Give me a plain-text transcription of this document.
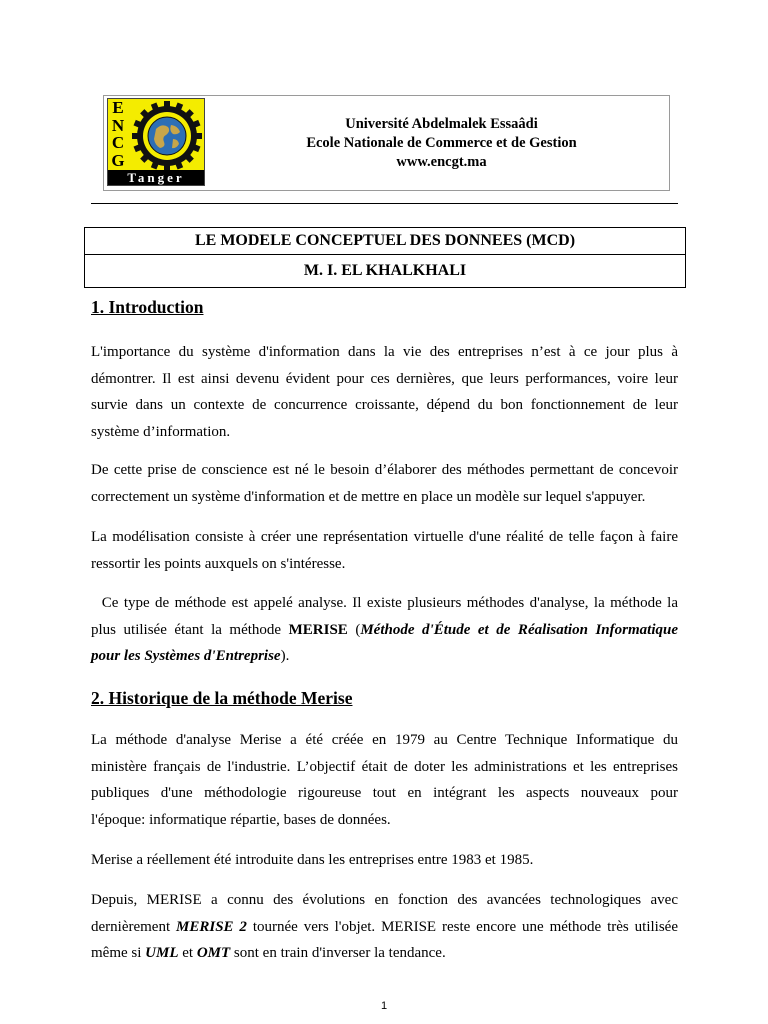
E
N
C
G
Tanger
Université Abdelmalek Essaâdi
Ecole Nationale de Commerce et de Gestion
www.encgt.ma
LE MODELE CONCEPTUEL DES DONNEES (MCD)
M. I. EL KHALKHALI
1. Introduction
L'importance du système d'information dans la vie des entreprises n’est à ce jour plus à
démontrer. Il est ainsi devenu évident pour ces dernières, que leurs performances, voire leur
survie dans un contexte de concurrence croissante, dépend du bon fonctionnement de leur
système d’information.
De cette prise de conscience est né le besoin d’élaborer des méthodes permettant de concevoir
correctement un système d'information et de mettre en place un modèle sur lequel s'appuyer.
La modélisation consiste à créer une représentation virtuelle d'une réalité de telle façon à faire
ressortir les points auxquels on s'intéresse.
Ce type de méthode est appelé analyse. Il existe plusieurs méthodes d'analyse, la méthode la
plus utilisée étant la méthode MERISE (Méthode d'Étude et de Réalisation Informatique
pour les Systèmes d'Entreprise).
2. Historique de la méthode Merise
La méthode d'analyse Merise a été créée en 1979 au Centre Technique Informatique du
ministère français de l'industrie. L’objectif était de doter les administrations et les entreprises
publiques d'une méthodologie rigoureuse tout en intégrant les aspects nouveaux pour
l'époque: informatique répartie, bases de données.
Merise a réellement été introduite dans les entreprises entre 1983 et 1985.
Depuis, MERISE a connu des évolutions en fonction des avancées technologiques avec
dernièrement MERISE 2 tournée vers l'objet. MERISE reste encore une méthode très utilisée
même si UML et OMT sont en train d'inverser la tendance.
1
